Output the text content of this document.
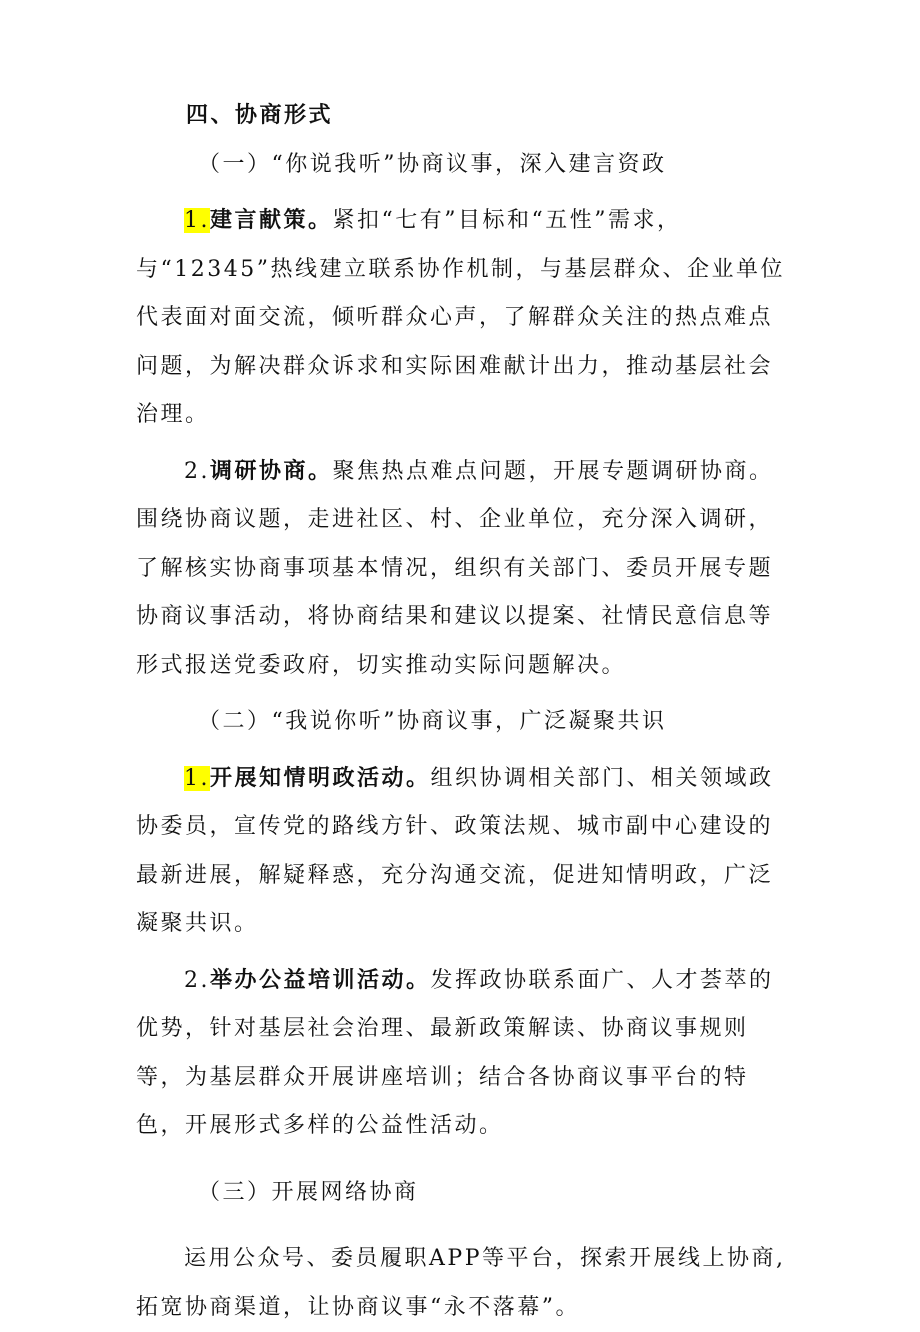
四、协商形式

（一）“你说我听”协商议事，深入建言资政

1.建言献策。紧扣“七有”目标和“五性”需求，与“12345”热线建立联系协作机制，与基层群众、企业单位代表面对面交流，倾听群众心声，了解群众关注的热点难点问题，为解决群众诉求和实际困难献计出力，推动基层社会治理。

2.调研协商。聚焦热点难点问题，开展专题调研协商。围绕协商议题，走进社区、村、企业单位，充分深入调研，了解核实协商事项基本情况，组织有关部门、委员开展专题协商议事活动，将协商结果和建议以提案、社情民意信息等形式报送党委政府，切实推动实际问题解决。

（二）“我说你听”协商议事，广泛凝聚共识

1.开展知情明政活动。组织协调相关部门、相关领域政协委员，宣传党的路线方针、政策法规、城市副中心建设的最新进展，解疑释惑，充分沟通交流，促进知情明政，广泛凝聚共识。

2.举办公益培训活动。发挥政协联系面广、人才荟萃的优势，针对基层社会治理、最新政策解读、协商议事规则等，为基层群众开展讲座培训；结合各协商议事平台的特色，开展形式多样的公益性活动。

（三）开展网络协商

运用公众号、委员履职APP等平台，探索开展线上协商,拓宽协商渠道，让协商议事“永不落幕”。
